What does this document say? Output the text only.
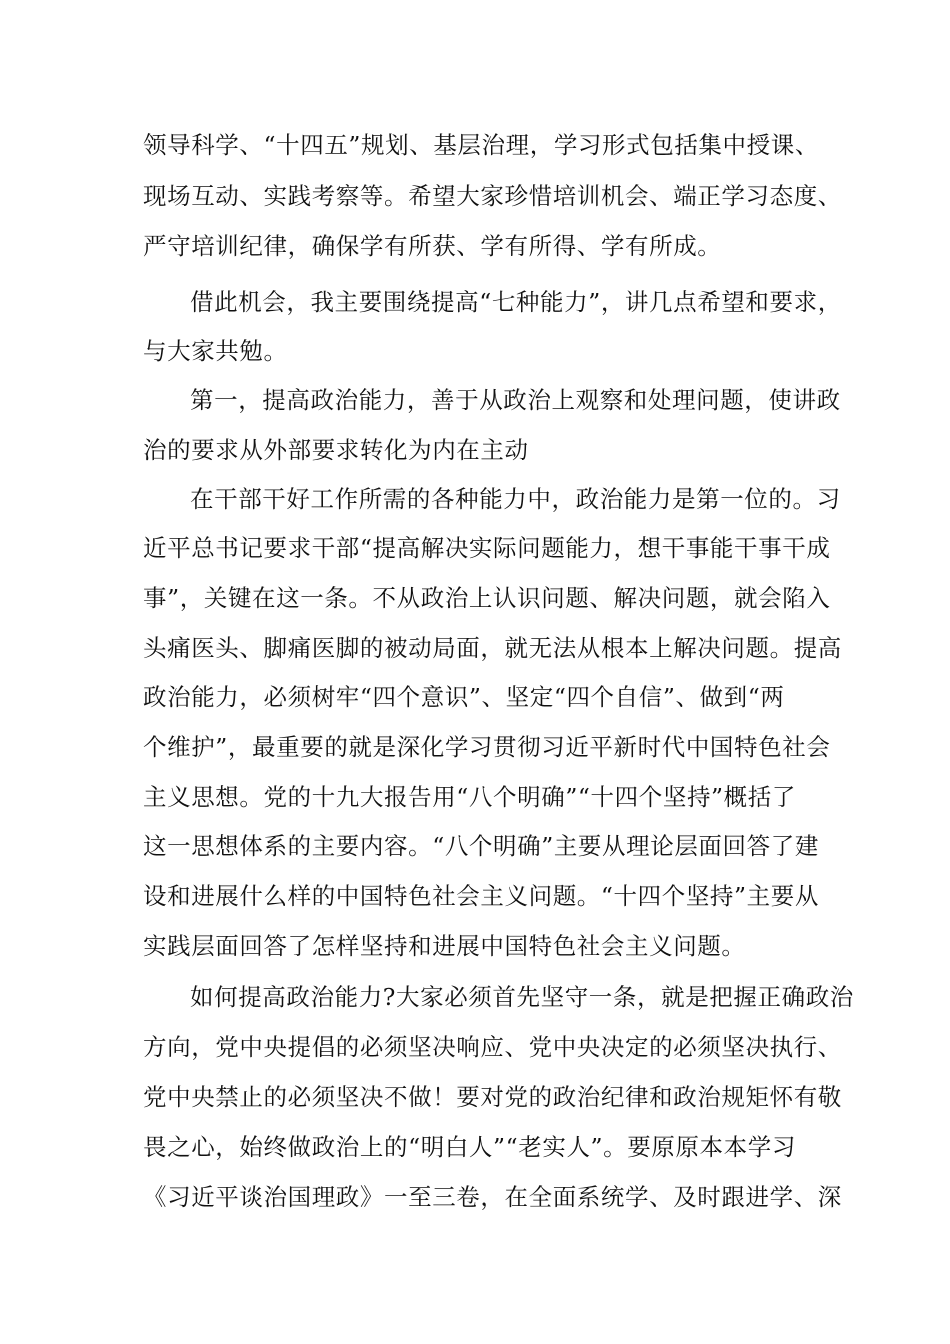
领导科学、“十四五”规划、基层治理，学习形式包括集中授课、
现场互动、实践考察等。希望大家珍惜培训机会、端正学习态度、
严守培训纪律，确保学有所获、学有所得、学有所成。
借此机会，我主要围绕提高“七种能力”，讲几点希望和要求，
与大家共勉。
第一，提高政治能力，善于从政治上观察和处理问题，使讲政
治的要求从外部要求转化为内在主动
在干部干好工作所需的各种能力中，政治能力是第一位的。习
近平总书记要求干部“提高解决实际问题能力，想干事能干事干成
事”，关键在这一条。不从政治上认识问题、解决问题，就会陷入
头痛医头、脚痛医脚的被动局面，就无法从根本上解决问题。提高
政治能力，必须树牢“四个意识”、坚定“四个自信”、做到“两
个维护”，最重要的就是深化学习贯彻习近平新时代中国特色社会
主义思想。党的十九大报告用“八个明确”“十四个坚持”概括了
这一思想体系的主要内容。“八个明确”主要从理论层面回答了建
设和进展什么样的中国特色社会主义问题。“十四个坚持”主要从
实践层面回答了怎样坚持和进展中国特色社会主义问题。
如何提高政治能力?大家必须首先坚守一条，就是把握正确政治
方向，党中央提倡的必须坚决响应、党中央决定的必须坚决执行、
党中央禁止的必须坚决不做！要对党的政治纪律和政治规矩怀有敬
畏之心，始终做政治上的“明白人”“老实人”。要原原本本学习
《习近平谈治国理政》一至三卷，在全面系统学、及时跟进学、深
